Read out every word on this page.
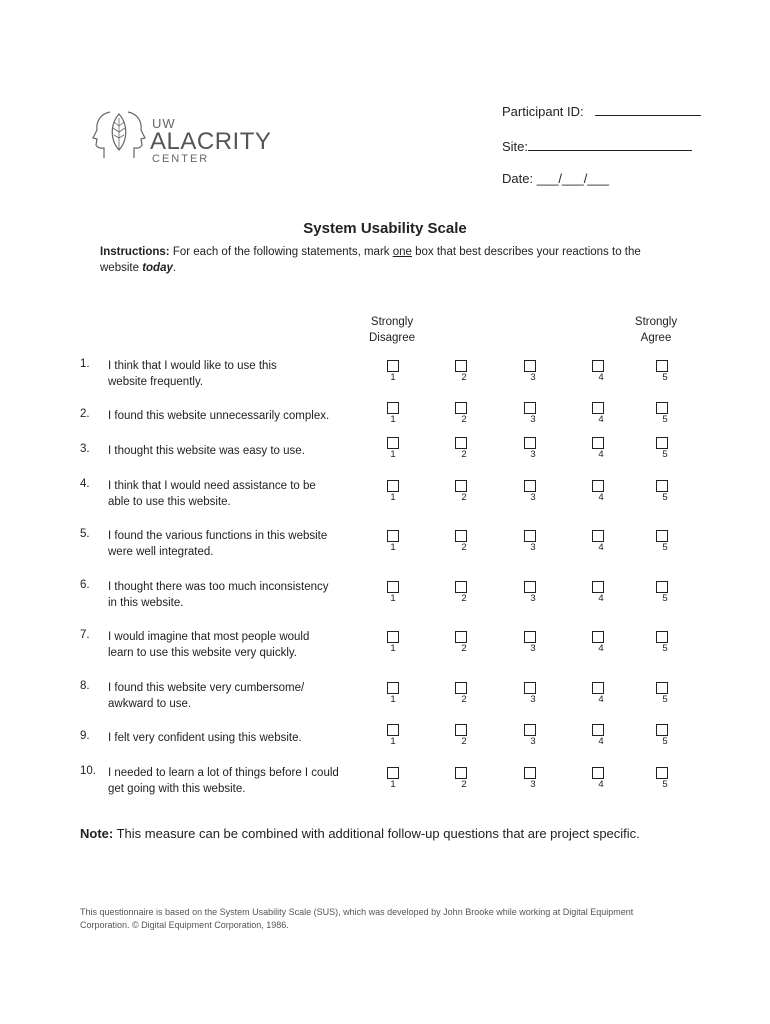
UW
ALACRITY
CENTER
Participant ID:
Site:
Date: ___/___/___
System Usability Scale
Instructions: For each of the following statements, mark one box that best describes your reactions to the website today.
Strongly
Disagree
Strongly
Agree
1.	I think that I would like to use this
website frequently.	1	2	3	4	5
2.	I found this website unnecessarily complex.	1	2	3	4	5
3.	I thought this website was easy to use.	1	2	3	4	5
4.	I think that I would need assistance to be
able to use this website.	1	2	3	4	5
5.	I found the various functions in this website
were well integrated.	1	2	3	4	5
6.	I thought there was too much inconsistency
in this website.	1	2	3	4	5
7.	I would imagine that most people would
learn to use this website very quickly.	1	2	3	4	5
8.	I found this website very cumbersome/
awkward to use.	1	2	3	4	5
9.	I felt very confident using this website.	1	2	3	4	5
10.	I needed to learn a lot of things before I could
get going with this website.	1	2	3	4	5
Note: This measure can be combined with additional follow-up questions that are project specific.
This questionnaire is based on the System Usability Scale (SUS), which was developed by John Brooke while working at Digital Equipment
Corporation. © Digital Equipment Corporation, 1986.
